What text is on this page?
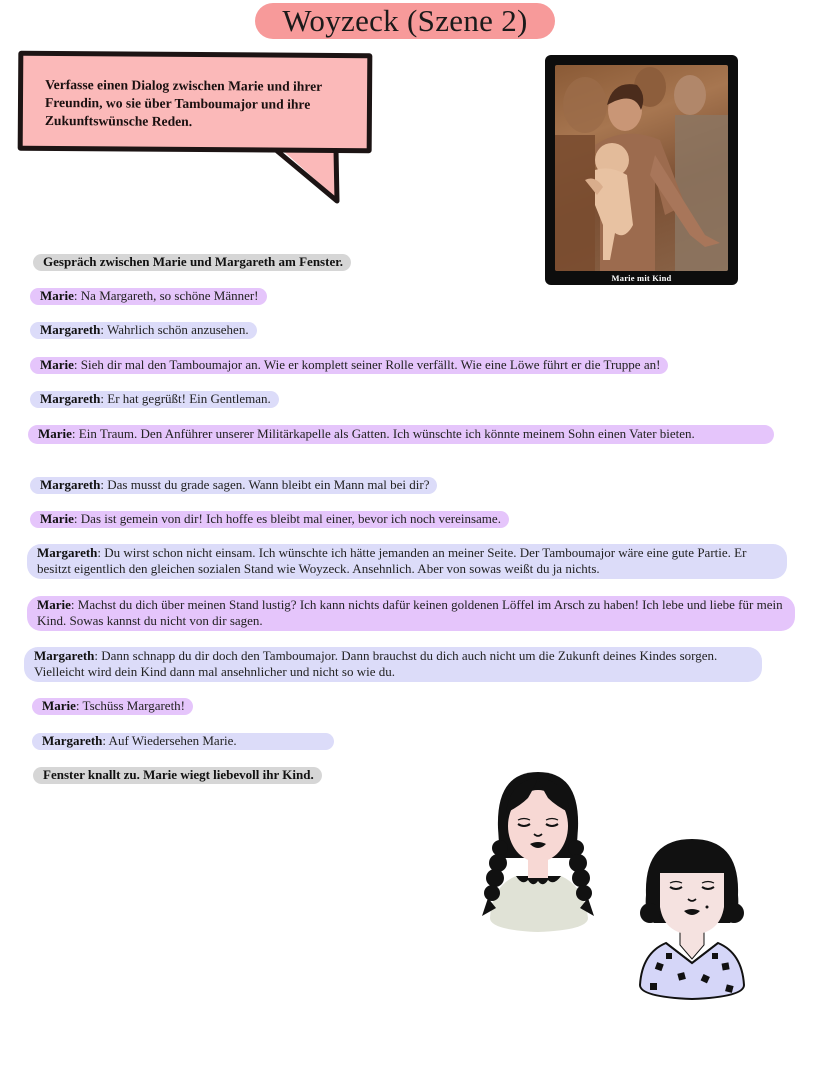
Woyzeck (Szene 2)
Verfasse einen Dialog zwischen Marie und ihrer Freundin, wo sie über Tamboumajor und ihre Zukunftswünsche Reden.
Marie mit Kind
Gespräch zwischen Marie und Margareth am Fenster.
Marie: Na Margareth, so schöne Männer!
Margareth: Wahrlich schön anzusehen.
Marie: Sieh dir mal den Tamboumajor an. Wie er komplett seiner Rolle verfällt. Wie eine Löwe führt er die Truppe an!
Margareth: Er hat gegrüßt! Ein Gentleman.
Marie: Ein Traum. Den Anführer unserer Militärkapelle als Gatten. Ich wünschte ich könnte meinem Sohn einen Vater bieten.
Margareth: Das musst du grade sagen. Wann bleibt ein Mann mal bei dir?
Marie: Das ist gemein von dir! Ich hoffe es bleibt mal einer, bevor ich noch vereinsame.
Margareth: Du wirst schon nicht einsam. Ich wünschte ich hätte jemanden an meiner Seite. Der Tamboumajor wäre eine gute Partie. Er besitzt eigentlich den gleichen sozialen Stand wie Woyzeck. Ansehnlich. Aber von sowas weißt du ja nichts.
Marie: Machst du dich über meinen Stand lustig? Ich kann nichts dafür keinen goldenen Löffel im Arsch zu haben! Ich lebe und liebe für mein Kind. Sowas kannst du nicht von dir sagen.
Margareth: Dann schnapp du dir doch den Tamboumajor. Dann brauchst du dich auch nicht um die Zukunft deines Kindes sorgen. Vielleicht wird dein Kind dann mal ansehnlicher und nicht so wie du.
Marie: Tschüss Margareth!
Margareth: Auf Wiedersehen Marie.
Fenster knallt zu. Marie wiegt liebevoll ihr Kind.
